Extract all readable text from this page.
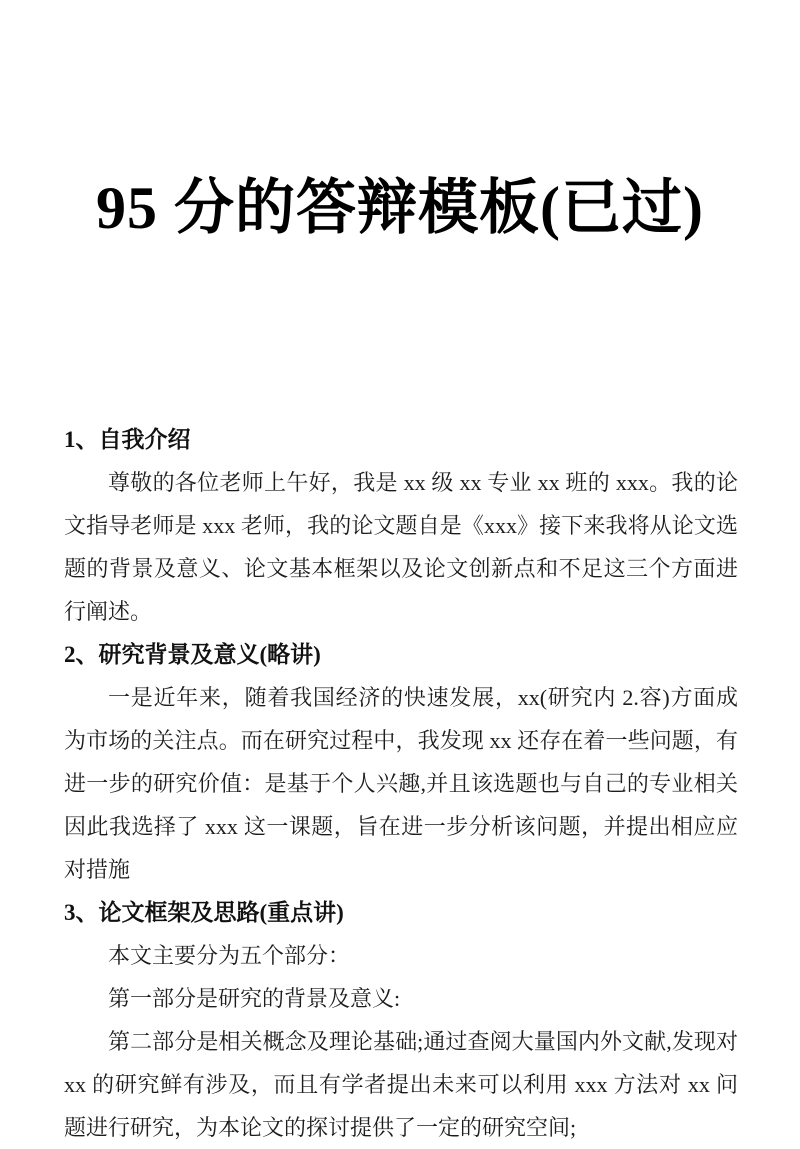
95 分的答辩模板(已过)
1、自我介绍

尊敬的各位老师上午好，我是 xx 级 xx 专业 xx 班的 xxx。我的论文指导老师是 xxx 老师，我的论文题自是《xxx》接下来我将从论文选题的背景及意义、论文基本框架以及论文创新点和不足这三个方面进行阐述。

2、研究背景及意义(略讲)

一是近年来，随着我国经济的快速发展，xx(研究内 2.容)方面成为市场的关注点。而在研究过程中，我发现 xx 还存在着一些问题，有进一步的研究价值：是基于个人兴趣,并且该选题也与自己的专业相关因此我选择了 xxx 这一课题，旨在进一步分析该问题，并提出相应应对措施

3、论文框架及思路(重点讲)

本文主要分为五个部分：

第一部分是研究的背景及意义:

第二部分是相关概念及理论基础;通过查阅大量国内外文献,发现对 xx 的研究鲜有涉及，而且有学者提出未来可以利用 xxx 方法对 xx 问题进行研究，为本论文的探讨提供了一定的研究空间;
